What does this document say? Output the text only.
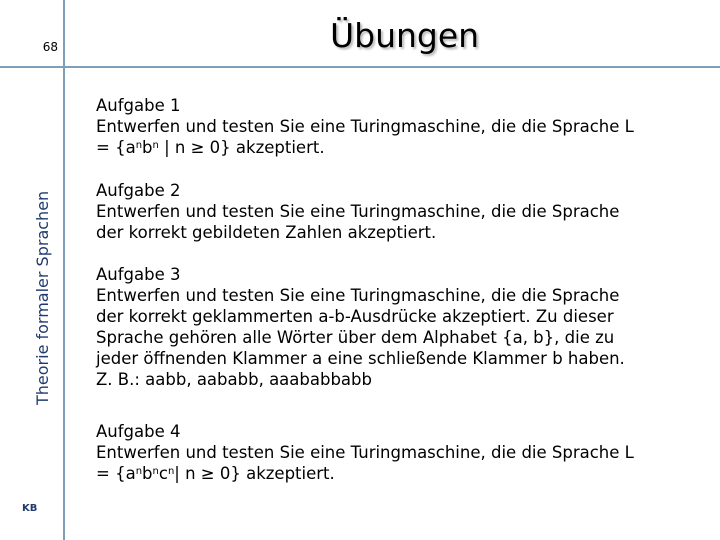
68	Übungen
Theorie formaler Sprachen
KB
Aufgabe 1
Entwerfen und testen Sie eine Turingmaschine, die die Sprache L
= {$a^nb^n$ | n ≥ 0} akzeptiert.
Aufgabe 2
Entwerfen und testen Sie eine Turingmaschine, die die Sprache
der korrekt gebildeten Zahlen akzeptiert.
Aufgabe 3
Entwerfen und testen Sie eine Turingmaschine, die die Sprache
der korrekt geklammerten a-b-Ausdrücke akzeptiert. Zu dieser
Sprache gehören alle Wörter über dem Alphabet {a, b}, die zu
jeder öffnenden Klammer a eine schließende Klammer b haben.
Z. B.: aabb, aababb, aaababbabb
Aufgabe 4
Entwerfen und testen Sie eine Turingmaschine, die die Sprache L
= {$a^nb^nc^n|$ n ≥ 0} akzeptiert.
